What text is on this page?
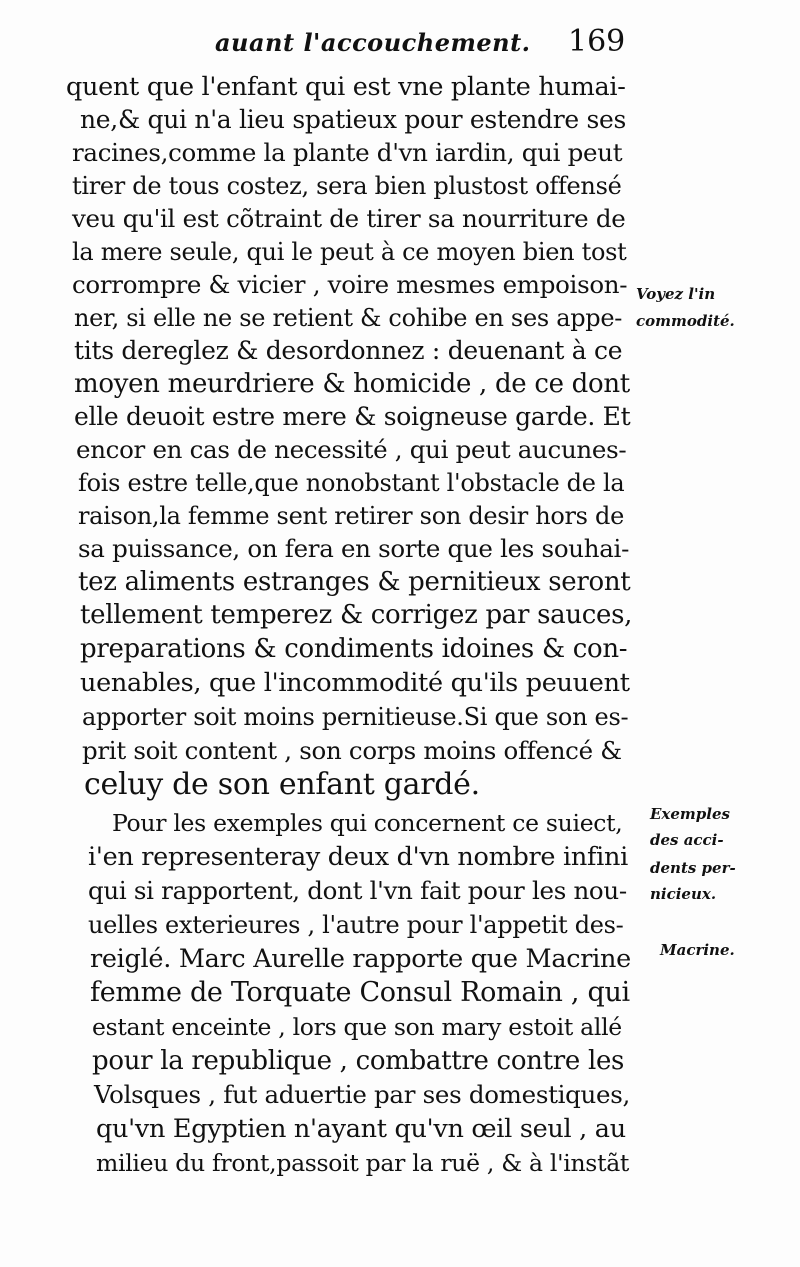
auant l'accouchement. 169
quent que l'enfant qui est vne plante humai-
ne,& qui n'a lieu spatieux pour estendre ses
racines,comme la plante d'vn iardin, qui peut
tirer de tous costez, sera bien plustost offensé
veu qu'il est cõtraint de tirer sa nourriture de
la mere seule, qui le peut à ce moyen bien tost
corrompre & vicier , voire mesmes empoison-
ner, si elle ne se retient & cohibe en ses appe-
tits dereglez & desordonnez : deuenant à ce
moyen meurdriere & homicide , de ce dont
elle deuoit estre mere & soigneuse garde. Et
encor en cas de necessité , qui peut aucunes-
fois estre telle,que nonobstant l'obstacle de la
raison,la femme sent retirer son desir hors de
sa puissance, on fera en sorte que les souhai-
tez aliments estranges & pernitieux seront
tellement temperez & corrigez par sauces,
preparations & condiments idoines & con-
uenables, que l'incommodité qu'ils peuuent
apporter soit moins pernitieuse.Si que son es-
prit soit content , son corps moins offencé &
celuy de son enfant gardé.
Pour les exemples qui concernent ce suiect,
i'en representeray deux d'vn nombre infini
qui si rapportent, dont l'vn fait pour les nou-
uelles exterieures , l'autre pour l'appetit des-
reiglé. Marc Aurelle rapporte que Macrine
femme de Torquate Consul Romain , qui
estant enceinte , lors que son mary estoit allé
pour la republique , combattre contre les
Volsques , fut aduertie par ses domestiques,
qu'vn Egyptien n'ayant qu'vn œil seul , au
milieu du front,passoit par la ruë , & à l'instãt
Voyez l'in
commodité.
Exemples
des acci-
dents per-
nicieux.
Macrine.
